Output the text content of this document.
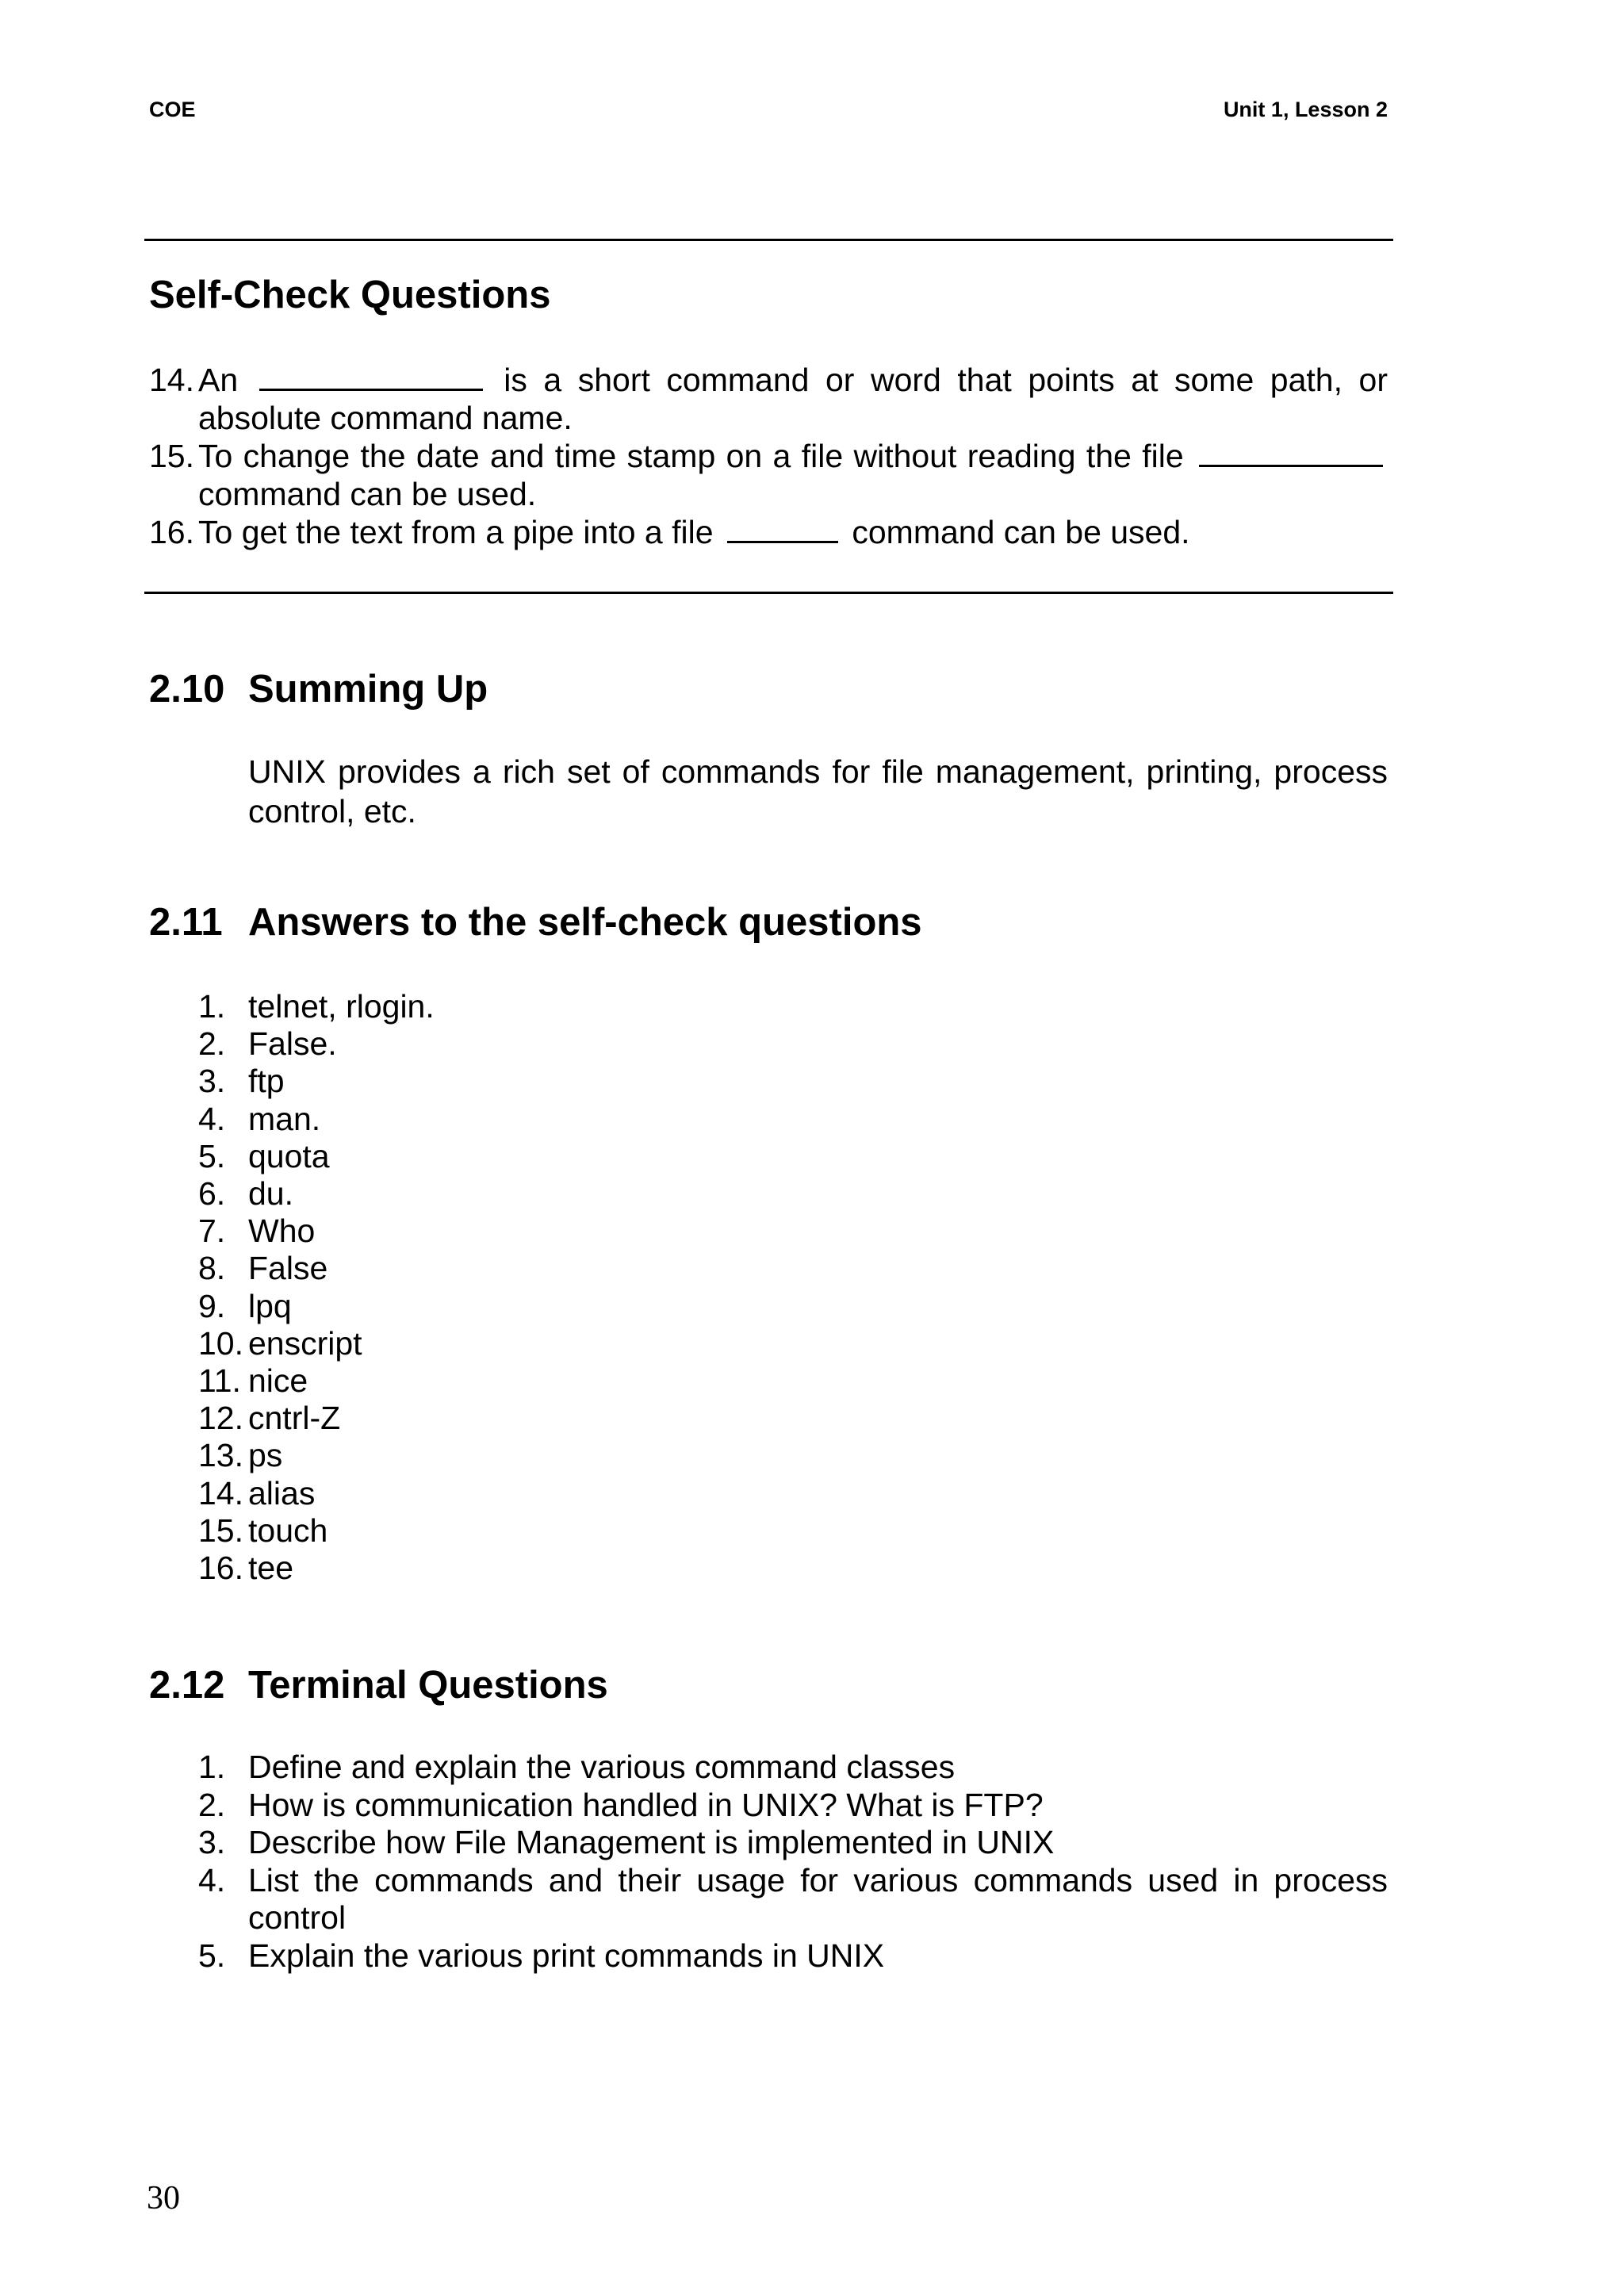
COE	Unit 1, Lesson 2
Self-Check Questions
14. An	is a short command or word that points at some path, or absolute command name.
15. To change the date and time stamp on a file without reading the file  command can be used.
16. To get the text from a pipe into a file	command can be used.
2.10 Summing Up
UNIX provides a rich set of commands for file management, printing, process control, etc.
2.11 Answers to the self-check questions
1. telnet, rlogin.
2. False.
3. ftp
4. man.
5. quota
6. du.
7. Who
8. False
9. lpq
10. enscript
11. nice
12. cntrl-Z
13. ps
14. alias
15. touch
16. tee
2.12 Terminal Questions
1. Define and explain the various command classes
2. How is communication handled in UNIX? What is FTP?
3. Describe how File Management is implemented in UNIX
4. List the commands and their usage for various commands used in process control
5. Explain the various print commands in UNIX
30
